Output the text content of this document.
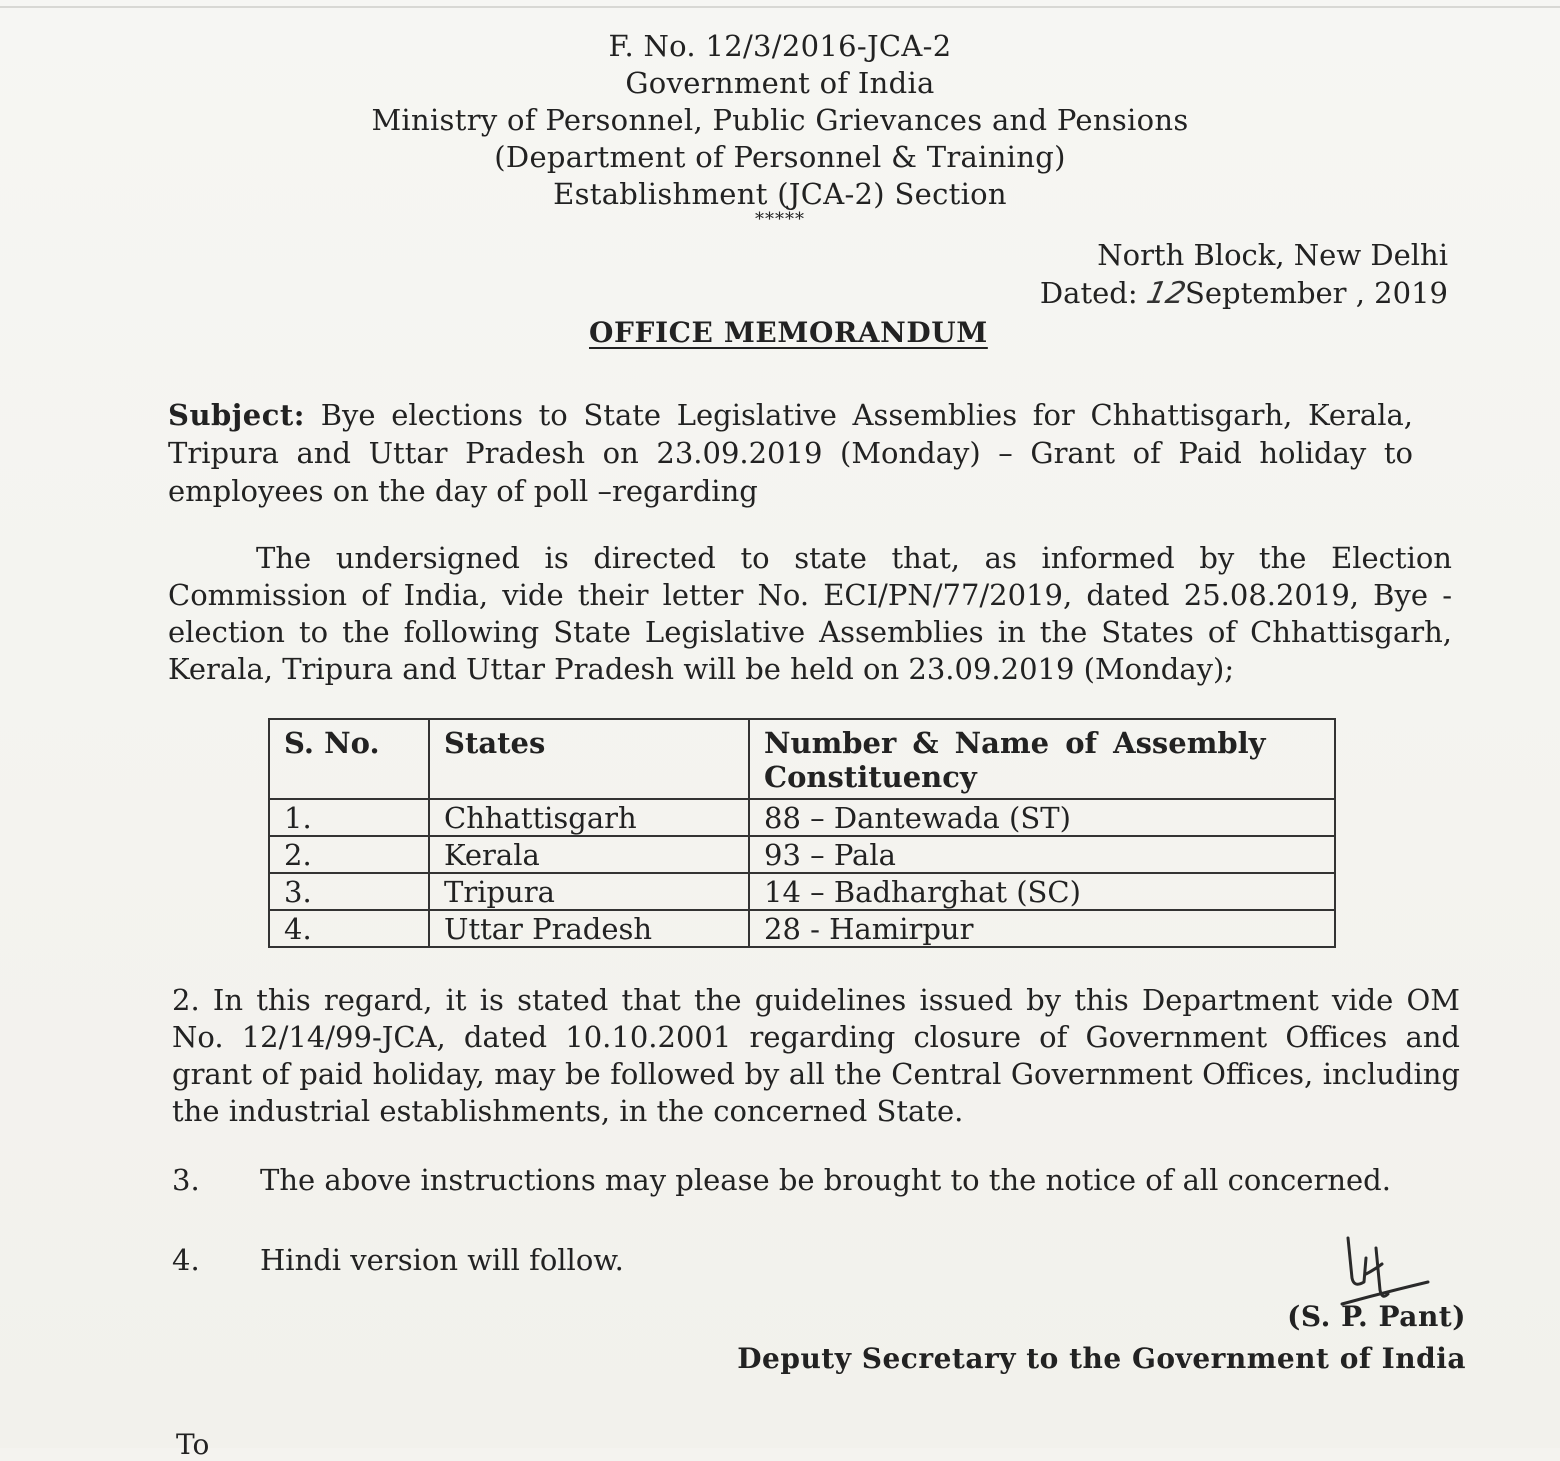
F. No. 12/3/2016-JCA-2
Government of India
Ministry of Personnel, Public Grievances and Pensions
(Department of Personnel & Training)
Establishment (JCA-2) Section
*****
North Block, New Delhi
Dated: 12September , 2019
OFFICE MEMORANDUM
Subject: Bye elections to State Legislative Assemblies for Chhattisgarh, Kerala, Tripura and Uttar Pradesh on 23.09.2019 (Monday) – Grant of Paid holiday to employees on the day of poll –regarding
The undersigned is directed to state that, as informed by the Election Commission of India, vide their letter No. ECI/PN/77/2019, dated 25.08.2019, Bye - election to the following State Legislative Assemblies in the States of Chhattisgarh, Kerala, Tripura and Uttar Pradesh will be held on 23.09.2019 (Monday);
S. No.	States	Number & Name of Assembly Constituency
1.	Chhattisgarh	88 – Dantewada (ST)
2.	Kerala	93 – Pala
3.	Tripura	14 – Badharghat (SC)
4.	Uttar Pradesh	28 - Hamirpur
2. In this regard, it is stated that the guidelines issued by this Department vide OM No. 12/14/99-JCA, dated 10.10.2001 regarding closure of Government Offices and grant of paid holiday, may be followed by all the Central Government Offices, including the industrial establishments, in the concerned State.
3. The above instructions may please be brought to the notice of all concerned.
4. Hindi version will follow.
(S. P. Pant)
Deputy Secretary to the Government of India
To
